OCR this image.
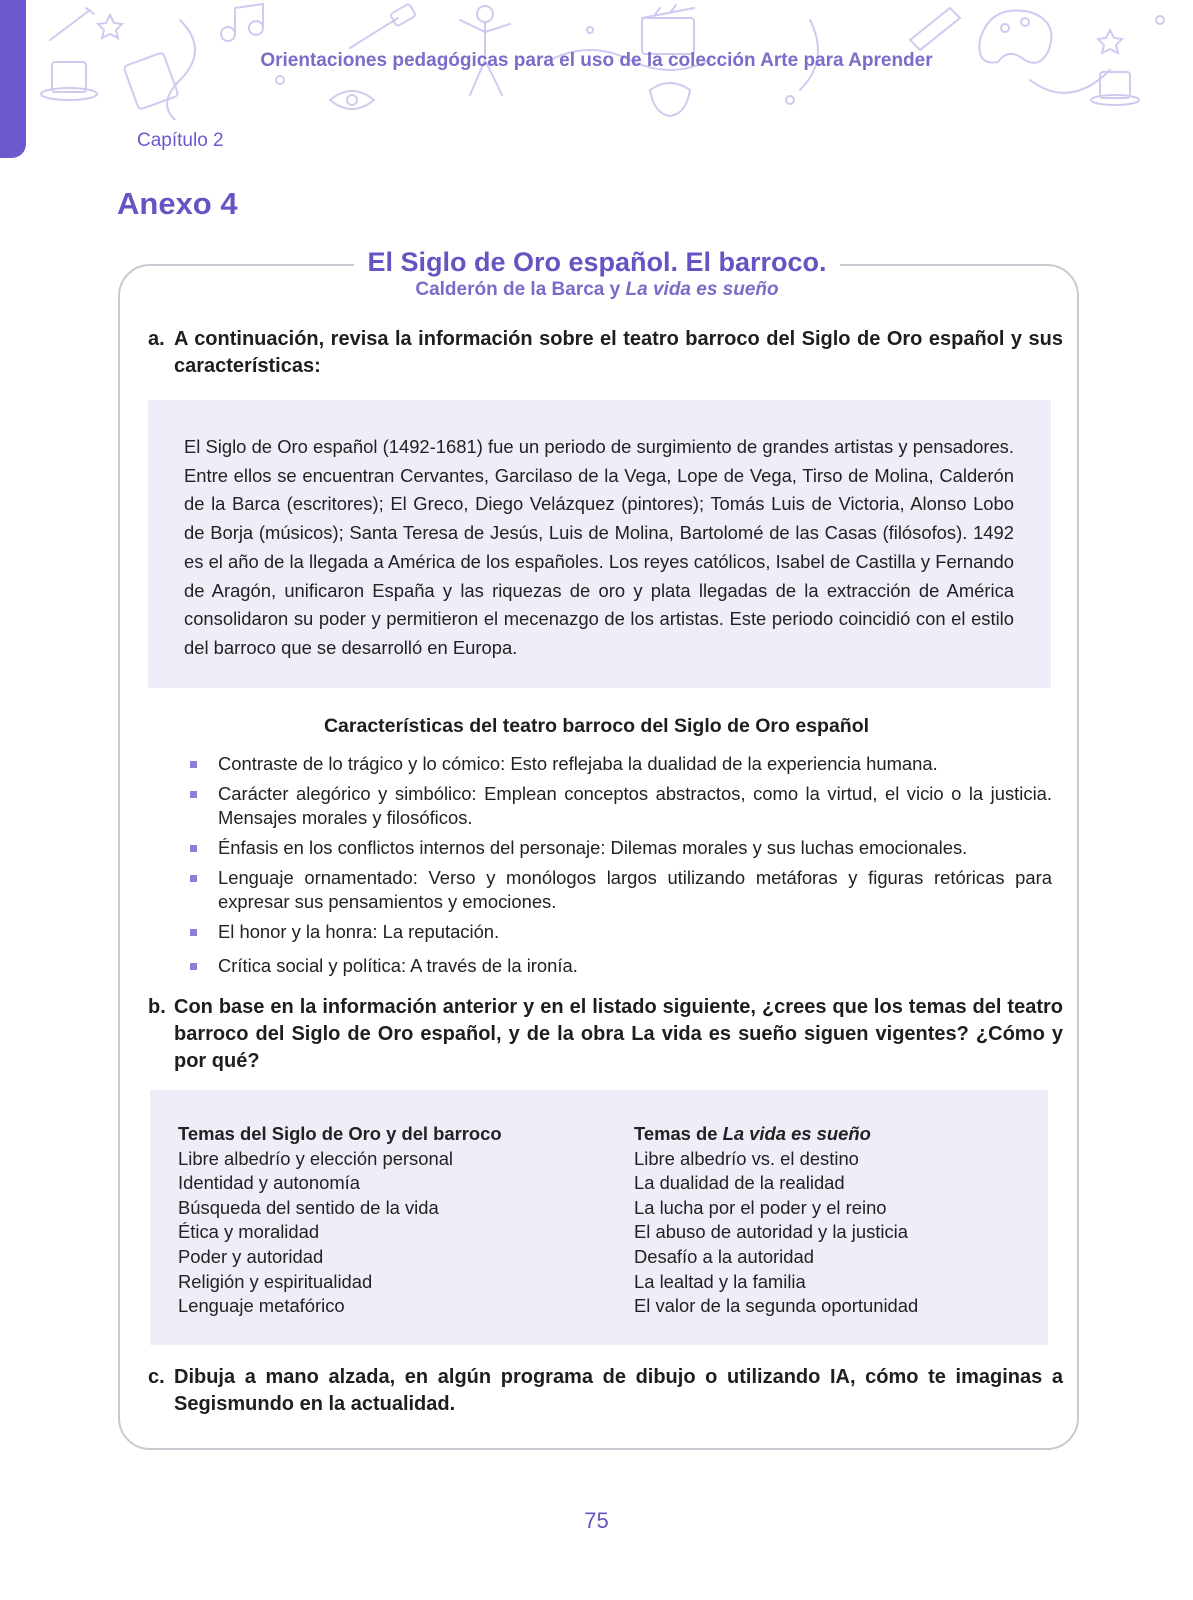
Orientaciones pedagógicas para el uso de la colección Arte para Aprender
Capítulo 2
Anexo 4
El Siglo de Oro español. El barroco.
Calderón de la Barca y La vida es sueño
a. A continuación, revisa la información sobre el teatro barroco del Siglo de Oro español y sus características:

El Siglo de Oro español (1492-1681) fue un periodo de surgimiento de grandes artistas y pensadores. Entre ellos se encuentran Cervantes, Garcilaso de la Vega, Lope de Vega, Tirso de Molina, Calderón de la Barca (escritores); El Greco, Diego Velázquez (pintores); Tomás Luis de Victoria, Alonso Lobo de Borja (músicos); Santa Teresa de Jesús, Luis de Molina, Bartolomé de las Casas (filósofos). 1492 es el año de la llegada a América de los españoles. Los reyes católicos, Isabel de Castilla y Fernando de Aragón, unificaron España y las riquezas de oro y plata llegadas de la extracción de América consolidaron su poder y permitieron el mecenazgo de los artistas. Este periodo coincidió con el estilo del barroco que se desarrolló en Europa.

Características del teatro barroco del Siglo de Oro español
Contraste de lo trágico y lo cómico: Esto reflejaba la dualidad de la experiencia humana.
Carácter alegórico y simbólico: Emplean conceptos abstractos, como la virtud, el vicio o la justicia. Mensajes morales y filosóficos.
Énfasis en los conflictos internos del personaje: Dilemas morales y sus luchas emocionales.
Lenguaje ornamentado: Verso y monólogos largos utilizando metáforas y figuras retóricas para expresar sus pensamientos y emociones.
El honor y la honra: La reputación.
Crítica social y política: A través de la ironía.
b. Con base en la información anterior y en el listado siguiente, ¿crees que los temas del teatro barroco del Siglo de Oro español, y de la obra La vida es sueño siguen vigentes? ¿Cómo y por qué?
Temas del Siglo de Oro y del barroco
Libre albedrío y elección personal
Identidad y autonomía
Búsqueda del sentido de la vida
Ética y moralidad
Poder y autoridad
Religión y espiritualidad
Lenguaje metafórico
Temas de La vida es sueño
Libre albedrío vs. el destino
La dualidad de la realidad
La lucha por el poder y el reino
El abuso de autoridad y la justicia
Desafío a la autoridad
La lealtad y la familia
El valor de la segunda oportunidad
c. Dibuja a mano alzada, en algún programa de dibujo o utilizando IA, cómo te imaginas a Segismundo en la actualidad.
75
